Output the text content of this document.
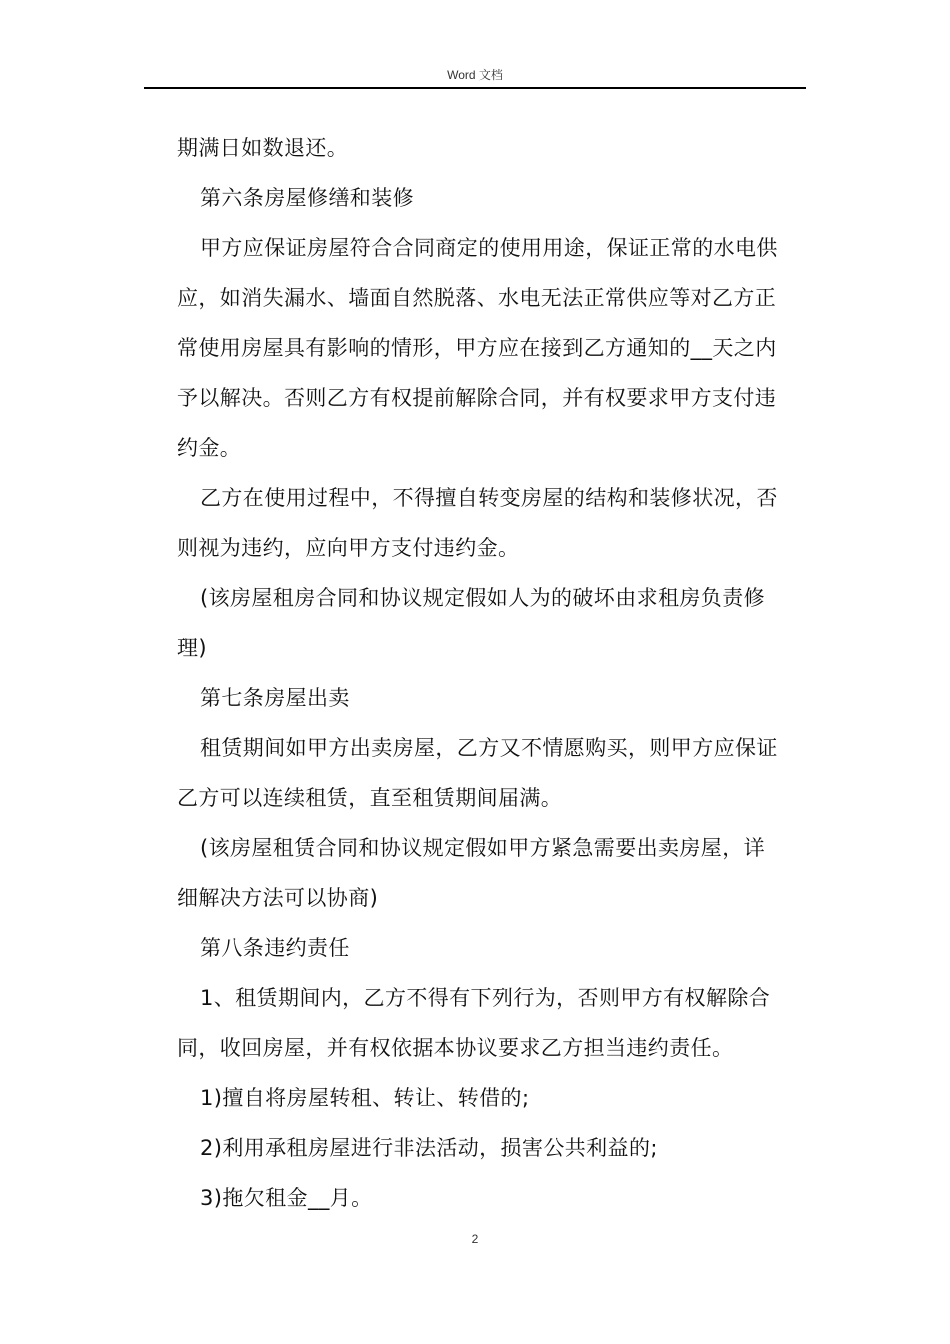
Word 文档
期满日如数退还。
第六条房屋修缮和装修
甲方应保证房屋符合合同商定的使用用途，保证正常的水电供
应，如消失漏水、墙面自然脱落、水电无法正常供应等对乙方正
常使用房屋具有影响的情形，甲方应在接到乙方通知的__天之内
予以解决。否则乙方有权提前解除合同，并有权要求甲方支付违
约金。
乙方在使用过程中，不得擅自转变房屋的结构和装修状况，否
则视为违约，应向甲方支付违约金。
(该房屋租房合同和协议规定假如人为的破坏由求租房负责修
理)
第七条房屋出卖
租赁期间如甲方出卖房屋，乙方又不情愿购买，则甲方应保证
乙方可以连续租赁，直至租赁期间届满。
(该房屋租赁合同和协议规定假如甲方紧急需要出卖房屋，详
细解决方法可以协商)
第八条违约责任
1、租赁期间内，乙方不得有下列行为，否则甲方有权解除合
同，收回房屋，并有权依据本协议要求乙方担当违约责任。
1)擅自将房屋转租、转让、转借的;
2)利用承租房屋进行非法活动，损害公共利益的;
3)拖欠租金__月。
2
